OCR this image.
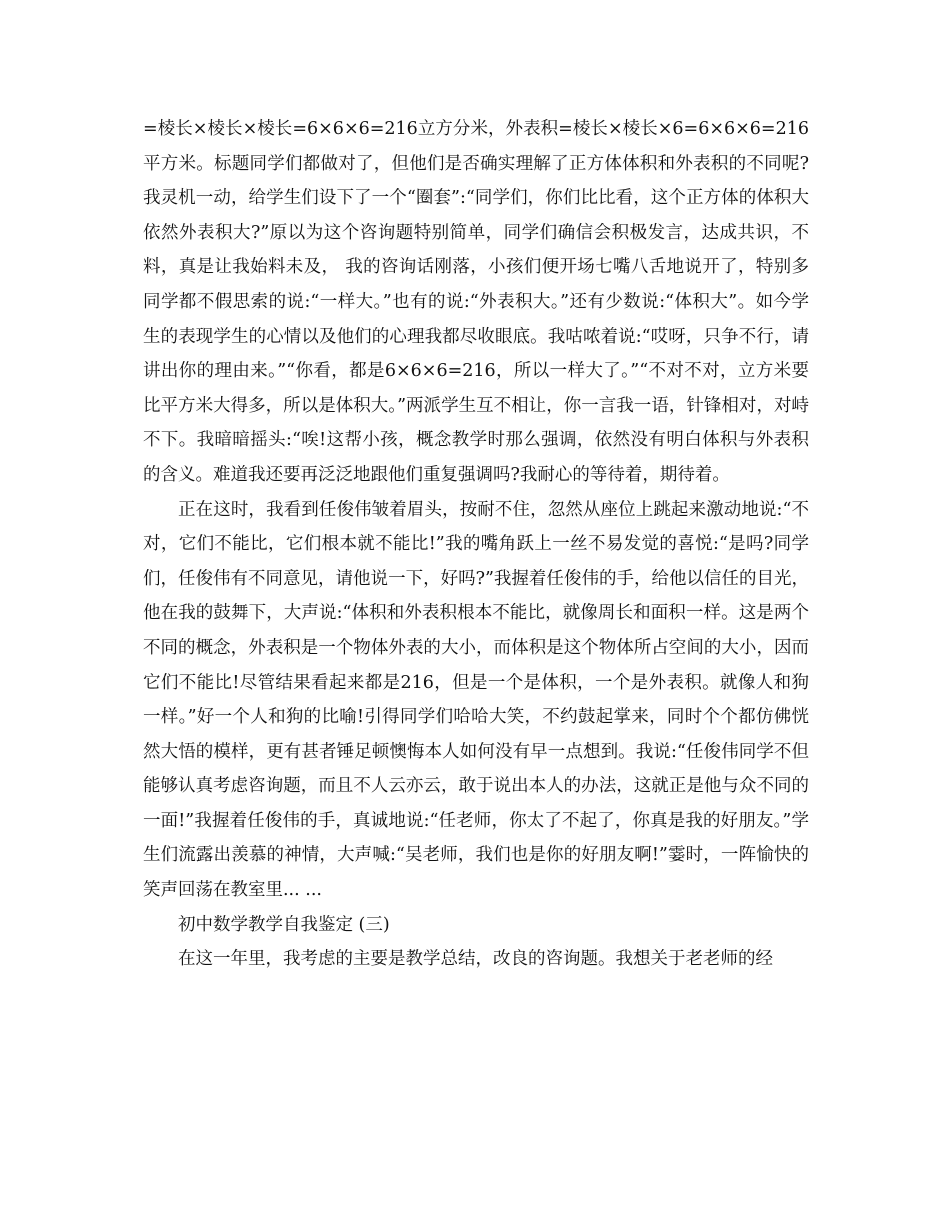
=棱长×棱长×棱长=6×6×6=216立方分米，外表积=棱长×棱长×6=6×6×6=216平方米。标题同学们都做对了，但他们是否确实理解了正方体体积和外表积的不同呢?我灵机一动，给学生们设下了一个“圈套”:“同学们，你们比比看，这个正方体的体积大依然外表积大?”原以为这个咨询题特别简单，同学们确信会积极发言，达成共识，不料，真是让我始料未及， 我的咨询话刚落，小孩们便开场七嘴八舌地说开了，特别多同学都不假思索的说:“一样大。”也有的说:“外表积大。”还有少数说:“体积大”。如今学生的表现学生的心情以及他们的心理我都尽收眼底。我咕哝着说:“哎呀，只争不行，请讲出你的理由来。”“你看，都是6×6×6=216，所以一样大了。”“不对不对，立方米要比平方米大得多，所以是体积大。”两派学生互不相让，你一言我一语，针锋相对，对峙不下。我暗暗摇头:“唉!这帮小孩，概念教学时那么强调，依然没有明白体积与外表积的含义。难道我还要再泛泛地跟他们重复强调吗?我耐心的等待着，期待着。

正在这时，我看到任俊伟皱着眉头，按耐不住，忽然从座位上跳起来激动地说:“不对，它们不能比，它们根本就不能比!”我的嘴角跃上一丝不易发觉的喜悦:“是吗?同学们，任俊伟有不同意见，请他说一下，好吗?”我握着任俊伟的手，给他以信任的目光，他在我的鼓舞下，大声说:“体积和外表积根本不能比，就像周长和面积一样。这是两个不同的概念，外表积是一个物体外表的大小，而体积是这个物体所占空间的大小，因而它们不能比!尽管结果看起来都是216，但是一个是体积，一个是外表积。就像人和狗一样。”好一个人和狗的比喻!引得同学们哈哈大笑，不约鼓起掌来，同时个个都仿佛恍然大悟的模样，更有甚者锤足顿懊悔本人如何没有早一点想到。我说:“任俊伟同学不但能够认真考虑咨询题，而且不人云亦云，敢于说出本人的办法，这就正是他与众不同的一面!”我握着任俊伟的手，真诚地说:“任老师，你太了不起了，你真是我的好朋友。”学生们流露出羡慕的神情，大声喊:“吴老师，我们也是你的好朋友啊!”霎时，一阵愉快的笑声回荡在教室里... ...

初中数学教学自我鉴定 (三)

在这一年里，我考虑的主要是教学总结，改良的咨询题。我想关于老老师的经
